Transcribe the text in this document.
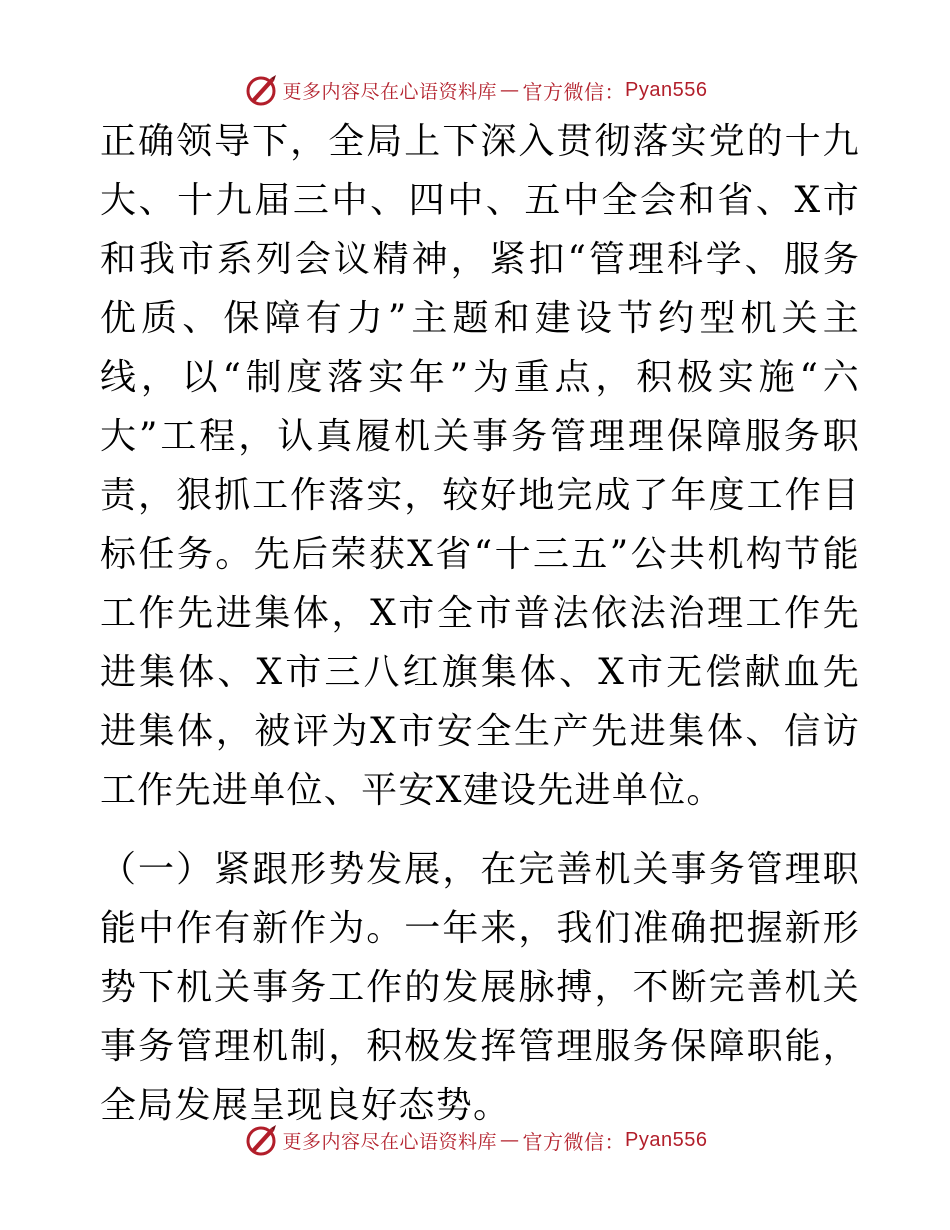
更多内容尽在心语资料库 — 官方微信： Pyan556

正确领导下，全局上下深入贯彻落实党的十九大、十九届三中、四中、五中全会和省、X市和我市系列会议精神，紧扣“管理科学、服务优质、保障有力”主题和建设节约型机关主线，以“制度落实年”为重点，积极实施“六大”工程，认真履机关事务管理理保障服务职责，狠抓工作落实，较好地完成了年度工作目标任务。先后荣获X省“十三五”公共机构节能工作先进集体，X市全市普法依法治理工作先进集体、X市三八红旗集体、X市无偿献血先进集体，被评为X市安全生产先进集体、信访工作先进单位、平安X建设先进单位。

（一）紧跟形势发展，在完善机关事务管理职能中作有新作为。一年来，我们准确把握新形势下机关事务工作的发展脉搏，不断完善机关事务管理机制，积极发挥管理服务保障职能，全局发展呈现良好态势。

更多内容尽在心语资料库 — 官方微信： Pyan556
